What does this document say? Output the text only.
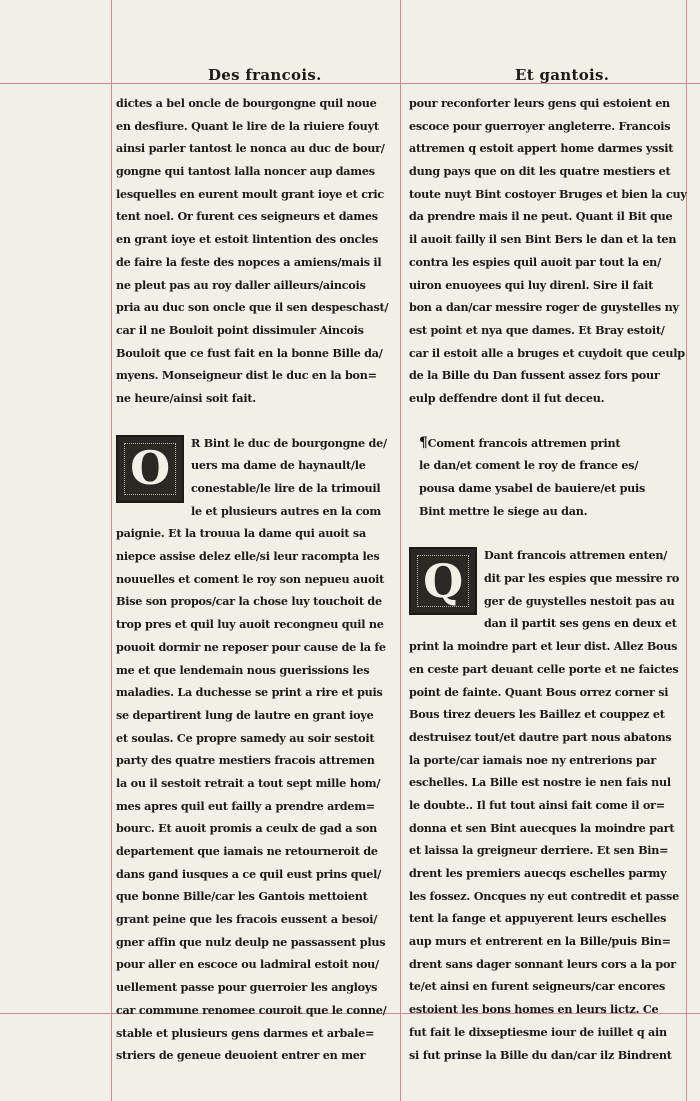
Des francois.	Et gantois.
dictes a bel oncle de bourgongne quil noue
en desfiure. Quant le lire de la riuiere fouyt
ainsi parler tantost le nonca au duc de bour/
gongne qui tantost lalla noncer aup dames
lesquelles en eurent moult grant ioye et cric
tent noel. Or furent ces seigneurs et dames
en grant ioye et estoit lintention des oncles
de faire la feste des nopces a amiens/mais il
ne pleut pas au roy daller ailleurs/aincois
pria au duc son oncle que il sen despeschast/
car il ne Bouloit point dissimuler Aincois
Bouloit que ce fust fait en la bonne Bille da/
myens. Monseigneur dist le duc en la bon=
ne heure/ainsi soit fait.
O	R Bint le duc de bourgongne de/
uers ma dame de haynault/le
conestable/le lire de la trimouil
le et plusieurs autres en la com
paignie. Et la trouua la dame qui auoit sa
niepce assise delez elle/si leur racompta les
nouuelles et coment le roy son nepueu auoit
Bise son propos/car la chose luy touchoit de
trop pres et quil luy auoit recongneu quil ne
pouoit dormir ne reposer pour cause de la fe
me et que lendemain nous guerissions les
maladies. La duchesse se print a rire et puis
se departirent lung de lautre en grant ioye
et soulas. Ce propre samedy au soir sestoit
party des quatre mestiers fracois attremen
la ou il sestoit retrait a tout sept mille hom/
mes apres quil eut failly a prendre ardem=
bourc. Et auoit promis a ceulx de gad a son
departement que iamais ne retourneroit de
dans gand iusques a ce quil eust prins quel/
que bonne Bille/car les Gantois mettoient
grant peine que les fracois eussent a besoi/
gner affin que nulz deulp ne passassent plus
pour aller en escoce ou ladmiral estoit nou/
uellement passe pour guerroier les angloys
car commune renomee couroit que le conne/
stable et plusieurs gens darmes et arbale=
striers de geneue deuoient entrer en mer
pour reconforter leurs gens qui estoient en
escoce pour guerroyer angleterre. Francois
attremen q estoit appert home darmes yssit
dung pays que on dit les quatre mestiers et
toute nuyt Bint costoyer Bruges et bien la cuy
da prendre mais il ne peut. Quant il Bit que
il auoit failly il sen Bint Bers le dan et la ten
contra les espies quil auoit par tout la en/
uiron enuoyees qui luy direnl. Sire il fait
bon a dan/car messire roger de guystelles ny
est point et nya que dames. Et Bray estoit/
car il estoit alle a bruges et cuydoit que ceulp
de la Bille du Dan fussent assez fors pour
eulp deffendre dont il fut deceu.
¶ Coment francois attremen print
le dan/et coment le roy de france es/
pousa dame ysabel de bauiere/et puis
Bint mettre le siege au dan.
Q	Dant francois attremen enten/
dit par les espies que messire ro
ger de guystelles nestoit pas au
dan il partit ses gens en deux et
print la moindre part et leur dist. Allez Bous
en ceste part deuant celle porte et ne faictes
point de fainte. Quant Bous orrez corner si
Bous tirez deuers les Baillez et couppez et
destruisez tout/et dautre part nous abatons
la porte/car iamais noe ny entrerions par
eschelles. La Bille est nostre ie nen fais nul
le doubte.. Il fut tout ainsi fait come il or=
donna et sen Bint auecques la moindre part
et laissa la greigneur derriere. Et sen Bin=
drent les premiers auecqs eschelles parmy
les fossez. Oncques ny eut contredit et passe
tent la fange et appuyerent leurs eschelles
aup murs et entrerent en la Bille/puis Bin=
drent sans dager sonnant leurs cors a la por
te/et ainsi en furent seigneurs/car encores
estoient les bons homes en leurs lictz. Ce
fut fait le dixseptiesme iour de iuillet q ain
si fut prinse la Bille du dan/car ilz Bindrent
